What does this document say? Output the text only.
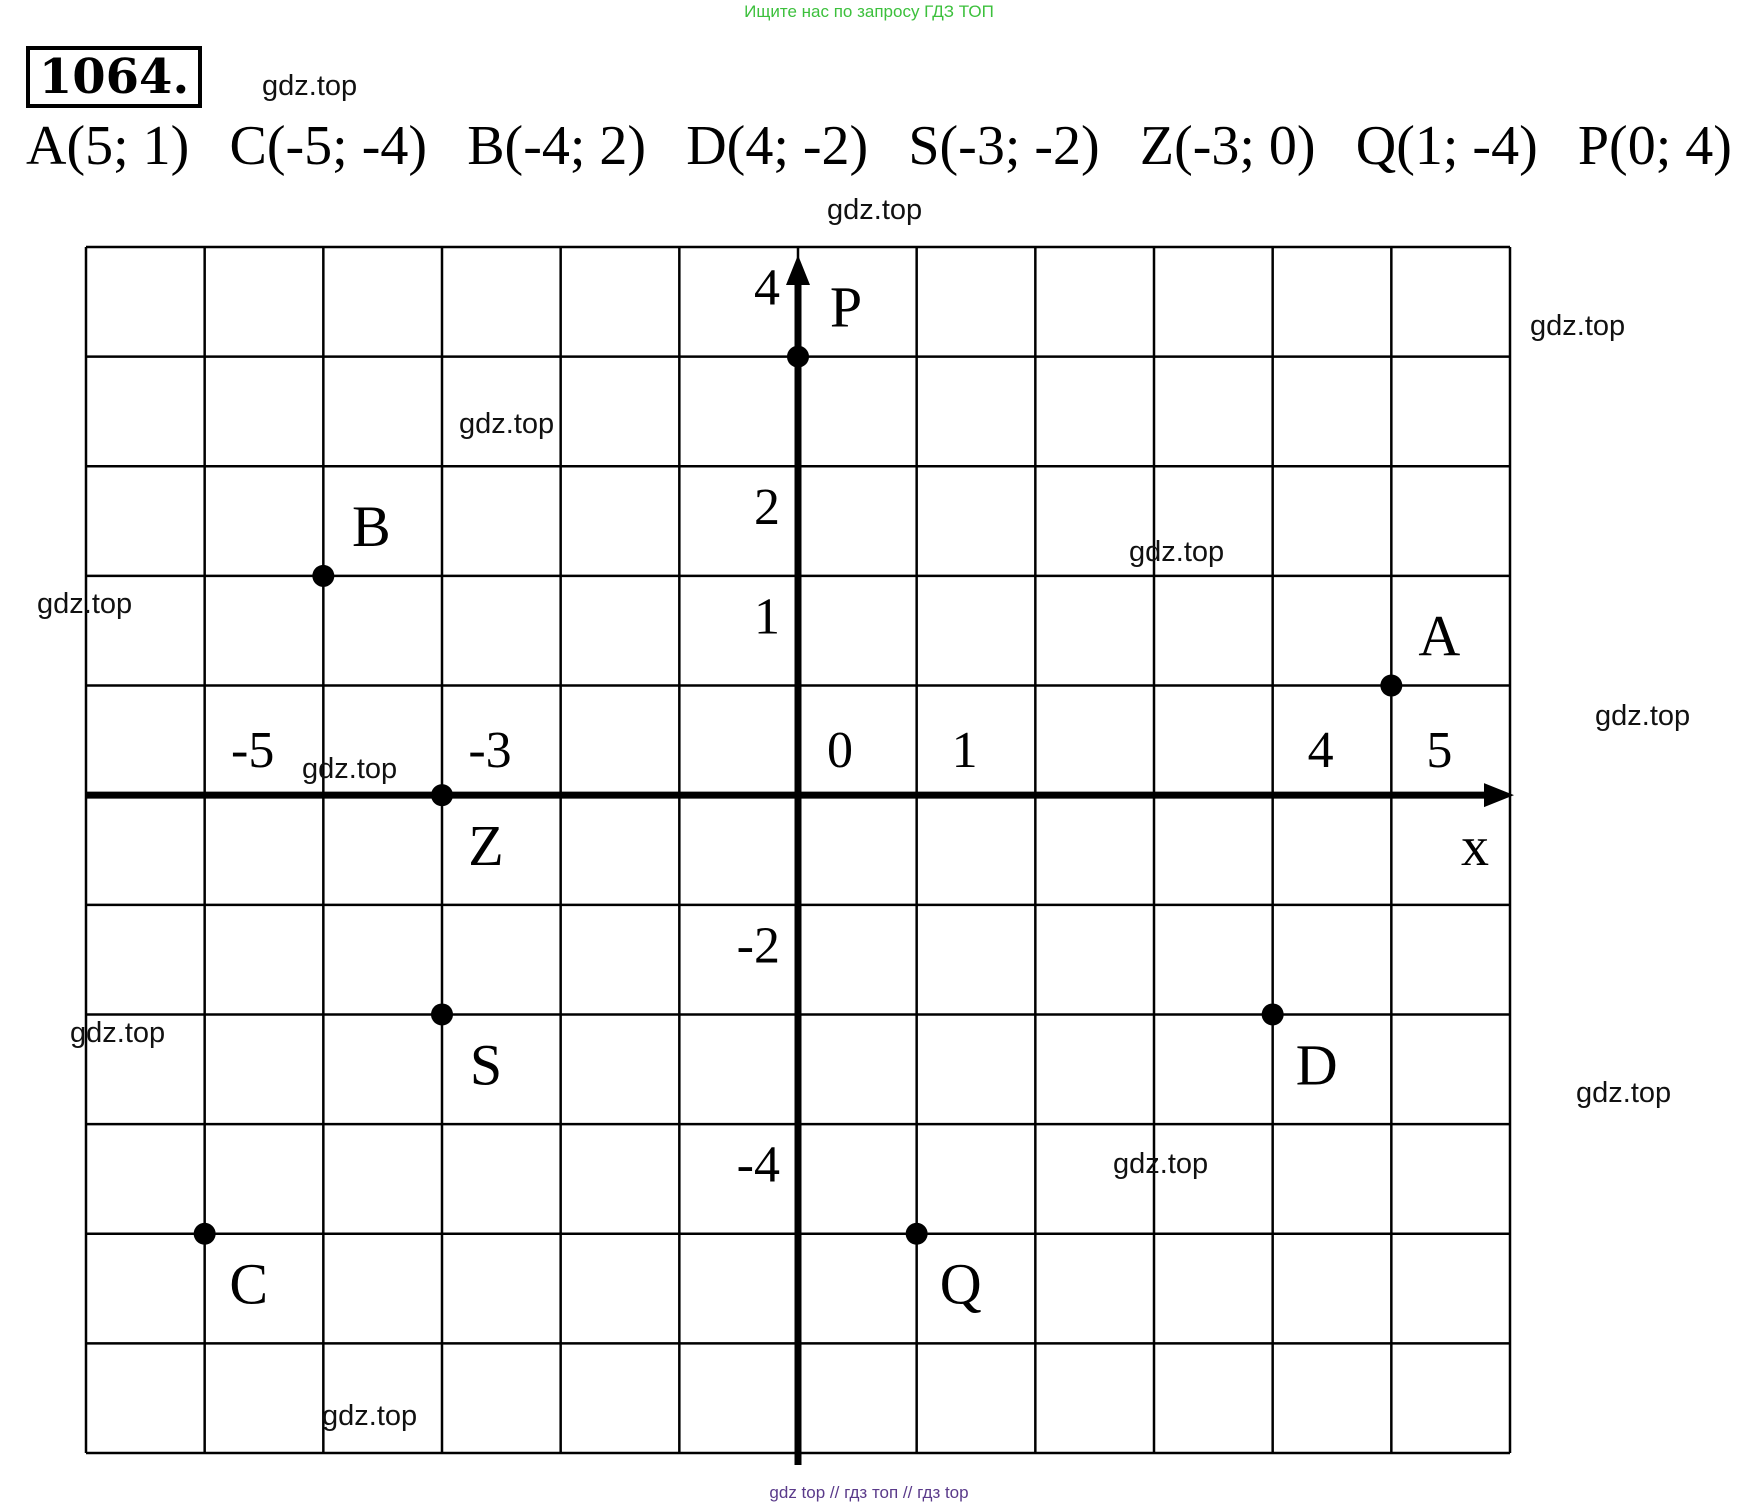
Ищите нас по запросу ГДЗ ТОП
1064.
A(5; 1) C(-5; -4) B(-4; 2) D(4; -2) S(-3; -2) Z(-3; 0) Q(1; -4) P(0; 4)
-5	-3	0 1	4 5
4
2
1
-2
-4
x
A
C
B
D
S
Z
Q
P
gdz.top
gdz.top
gdz.top
gdz.top
gdz.top
gdz.top
gdz.top
gdz.top
gdz.top
gdz.top
gdz.top
gdz.top
gdz top // гдз топ // гдз top
